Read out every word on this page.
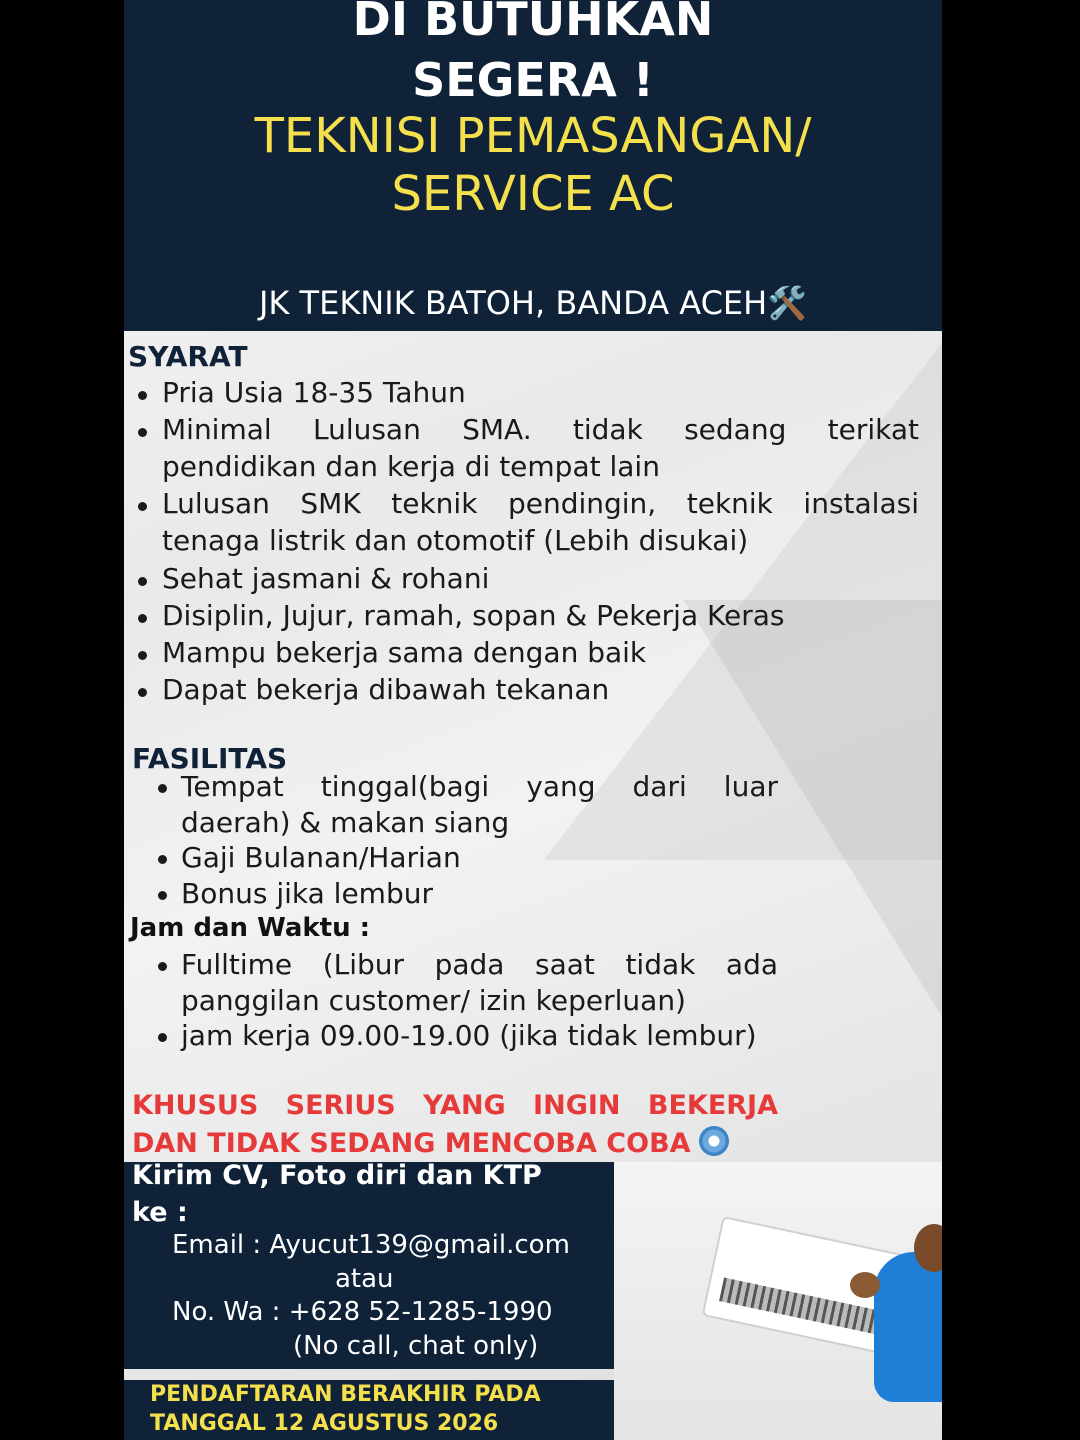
DI BUTUHKAN
SEGERA !
TEKNISI PEMASANGAN/
SERVICE AC
JK TEKNIK BATOH, BANDA ACEH🛠️
SYARAT
Pria Usia 18-35 Tahun
Minimal Lulusan SMA. tidak sedang terikat
pendidikan dan kerja di tempat lain
Lulusan SMK teknik pendingin, teknik instalasi
tenaga listrik dan otomotif (Lebih disukai)
Sehat jasmani & rohani
Disiplin, Jujur, ramah, sopan & Pekerja Keras
Mampu bekerja sama dengan baik
Dapat bekerja dibawah tekanan
FASILITAS
Tempat tinggal(bagi yang dari luar
daerah) & makan siang
Gaji Bulanan/Harian
Bonus jika lembur
Jam dan Waktu :
Fulltime (Libur pada saat tidak ada
panggilan customer/ izin keperluan)
jam kerja 09.00-19.00 (jika tidak lembur)
KHUSUS SERIUS YANG INGIN BEKERJA
DAN TIDAK SEDANG MENCOBA COBA
Kirim CV, Foto diri dan KTP
ke :
Email : Ayucut139@gmail.com
atau
No. Wa : +628 52-1285-1990
(No call, chat only)
PENDAFTARAN BERAKHIR PADA
TANGGAL 12 AGUSTUS 2026
